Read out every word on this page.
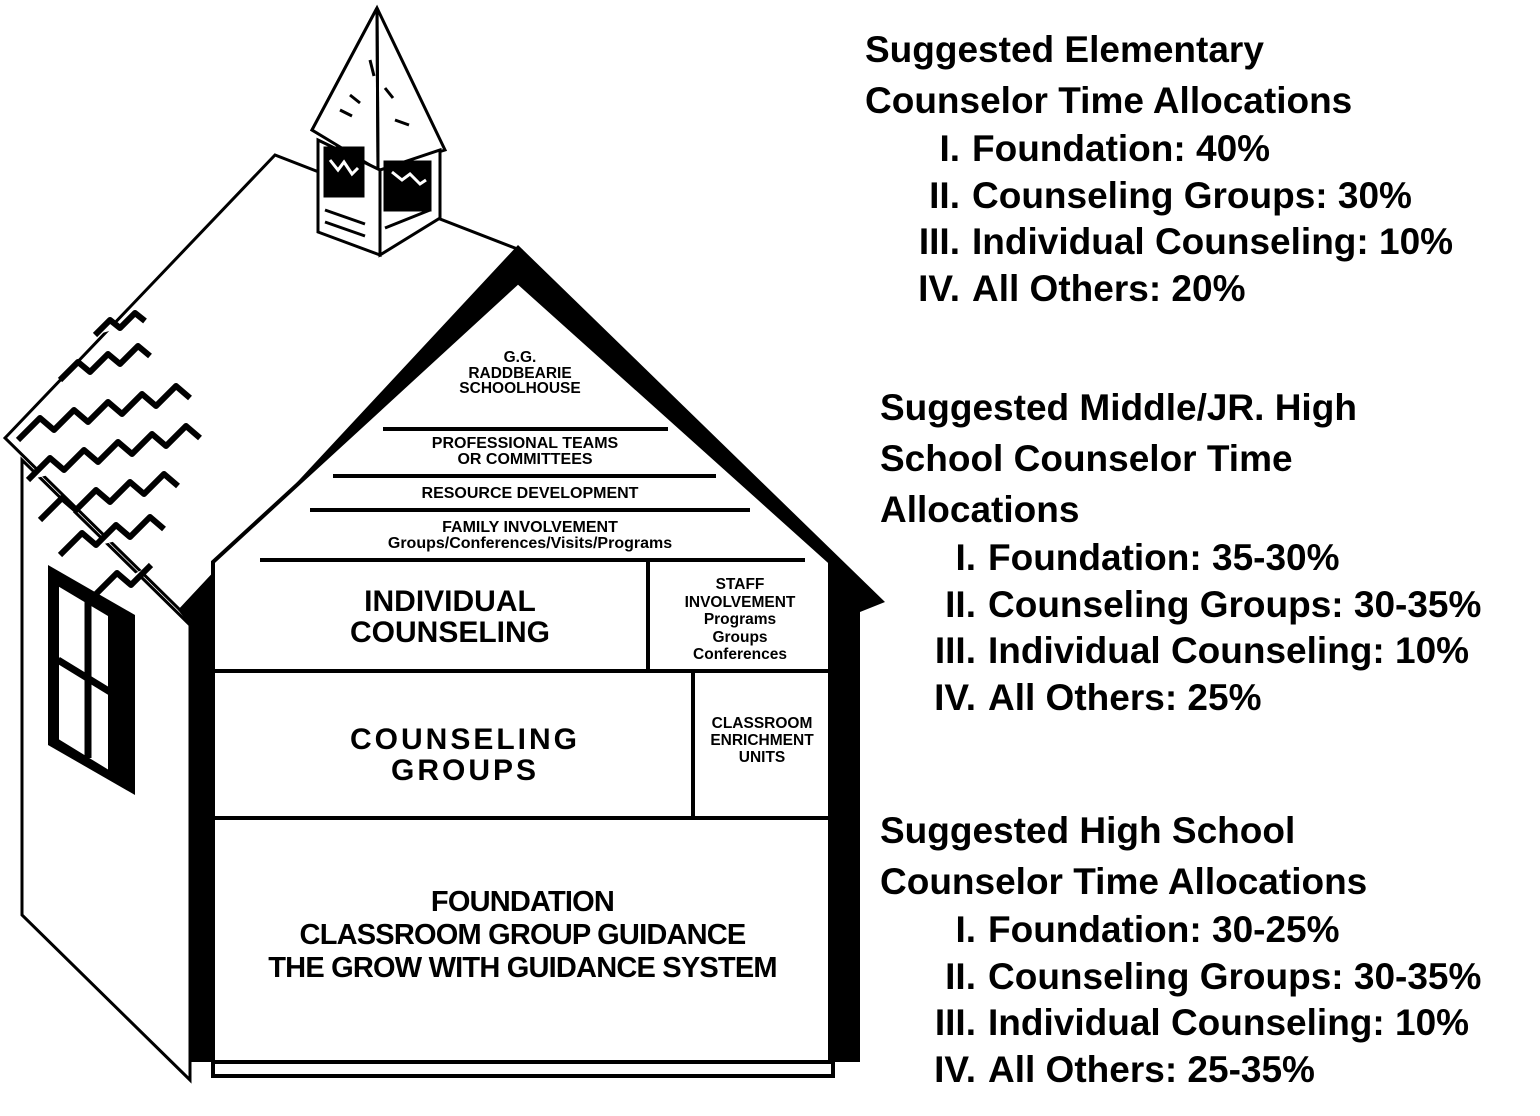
G.G.
RADDBEARIE
SCHOOLHOUSE
PROFESSIONAL TEAMS
OR COMMITTEES
RESOURCE DEVELOPMENT
FAMILY INVOLVEMENT
Groups/Conferences/Visits/Programs
INDIVIDUAL
COUNSELING
STAFF
INVOLVEMENT
Programs
Groups
Conferences
COUNSELING
GROUPS
CLASSROOM
ENRICHMENT
UNITS
FOUNDATION
CLASSROOM GROUP GUIDANCE
THE GROW WITH GUIDANCE SYSTEM
Suggested Elementary
Counselor Time Allocations
I. Foundation: 40%
II. Counseling Groups: 30%
III. Individual Counseling: 10%
IV. All Others: 20%
Suggested Middle/JR. High
School Counselor Time
Allocations
I. Foundation: 35-30%
II. Counseling Groups: 30-35%
III. Individual Counseling: 10%
IV. All Others: 25%
Suggested High School
Counselor Time Allocations
I. Foundation: 30-25%
II. Counseling Groups: 30-35%
III. Individual Counseling: 10%
IV. All Others: 25-35%
